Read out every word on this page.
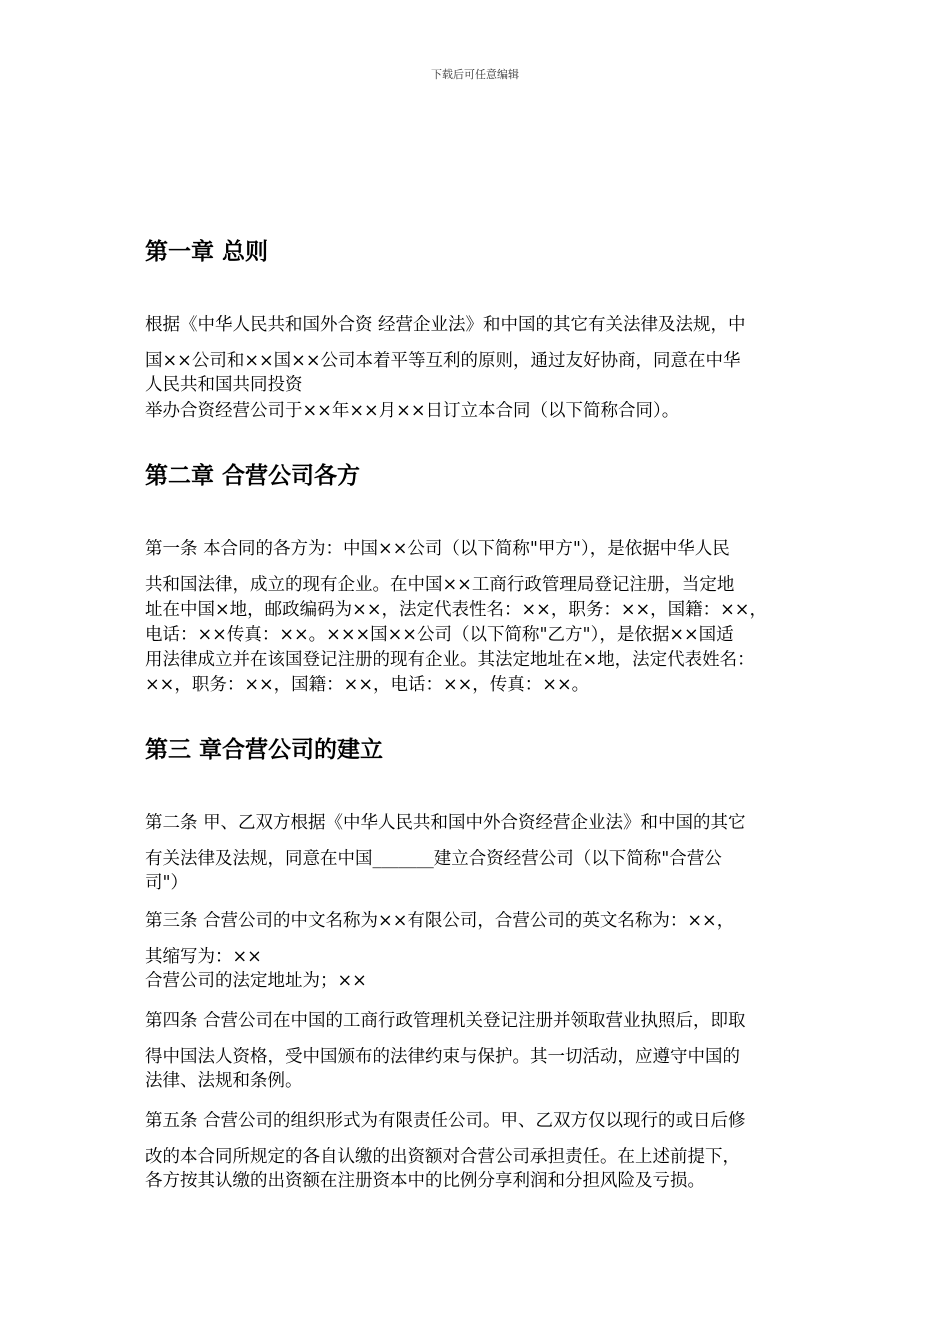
下载后可任意编辑
第一章 总则
根据《中华人民共和国外合资 经营企业法》和中国的其它有关法律及法规，中
国××公司和××国××公司本着平等互利的原则，通过友好协商，同意在中华
人民共和国共同投资
举办合资经营公司于××年××月××日订立本合同（以下简称合同）。
第二章 合营公司各方
第一条 本合同的各方为：中国××公司（以下简称"甲方"），是依据中华人民
共和国法律，成立的现有企业。在中国××工商行政管理局登记注册，当定地
址在中国×地，邮政编码为××，法定代表性名：××，职务：××，国籍：××，
电话：××传真：××。×××国××公司（以下简称"乙方"），是依据××国适
用法律成立并在该国登记注册的现有企业。其法定地址在×地，法定代表姓名：
××，职务：××，国籍：××，电话：××，传真：××。
第三 章合营公司的建立
第二条 甲、乙双方根据《中华人民共和国中外合资经营企业法》和中国的其它
有关法律及法规，同意在中国_______建立合资经营公司（以下简称"合营公
司"）
第三条 合营公司的中文名称为××有限公司，合营公司的英文名称为：××，
其缩写为：××
合营公司的法定地址为；××
第四条 合营公司在中国的工商行政管理机关登记注册并领取营业执照后，即取
得中国法人资格，受中国颁布的法律约束与保护。其一切活动，应遵守中国的
法律、法规和条例。
第五条 合营公司的组织形式为有限责任公司。甲、乙双方仅以现行的或日后修
改的本合同所规定的各自认缴的出资额对合营公司承担责任。在上述前提下，
各方按其认缴的出资额在注册资本中的比例分享利润和分担风险及亏损。
